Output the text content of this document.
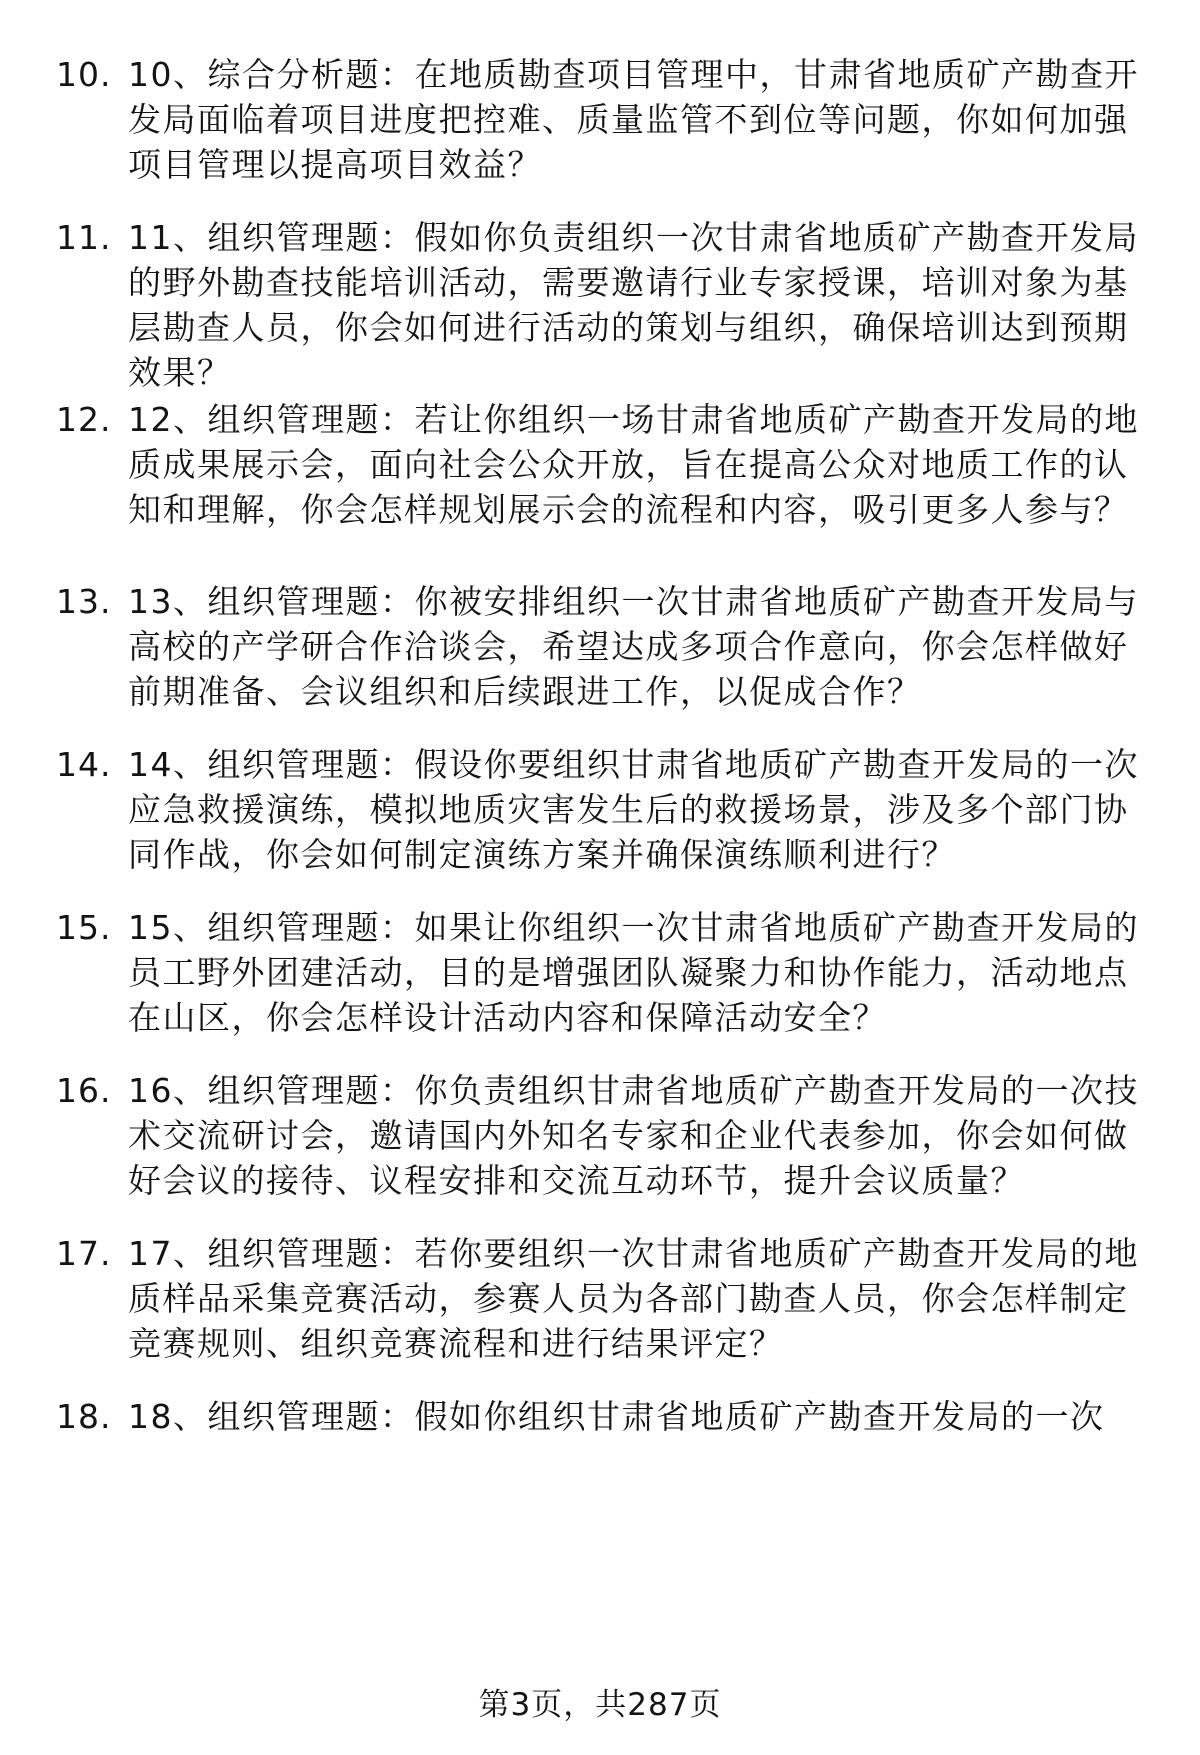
10. 10、综合分析题：在地质勘查项目管理中，甘肃省地质矿产勘查开发局面临着项目进度把控难、质量监管不到位等问题，你如何加强项目管理以提高项目效益？
11. 11、组织管理题：假如你负责组织一次甘肃省地质矿产勘查开发局的野外勘查技能培训活动，需要邀请行业专家授课，培训对象为基层勘查人员，你会如何进行活动的策划与组织，确保培训达到预期效果？
12. 12、组织管理题：若让你组织一场甘肃省地质矿产勘查开发局的地质成果展示会，面向社会公众开放，旨在提高公众对地质工作的认知和理解，你会怎样规划展示会的流程和内容，吸引更多人参与？
13. 13、组织管理题：你被安排组织一次甘肃省地质矿产勘查开发局与高校的产学研合作洽谈会，希望达成多项合作意向，你会怎样做好前期准备、会议组织和后续跟进工作，以促成合作？
14. 14、组织管理题：假设你要组织甘肃省地质矿产勘查开发局的一次应急救援演练，模拟地质灾害发生后的救援场景，涉及多个部门协同作战，你会如何制定演练方案并确保演练顺利进行？
15. 15、组织管理题：如果让你组织一次甘肃省地质矿产勘查开发局的员工野外团建活动，目的是增强团队凝聚力和协作能力，活动地点在山区，你会怎样设计活动内容和保障活动安全？
16. 16、组织管理题：你负责组织甘肃省地质矿产勘查开发局的一次技术交流研讨会，邀请国内外知名专家和企业代表参加，你会如何做好会议的接待、议程安排和交流互动环节，提升会议质量？
17. 17、组织管理题：若你要组织一次甘肃省地质矿产勘查开发局的地质样品采集竞赛活动，参赛人员为各部门勘查人员，你会怎样制定竞赛规则、组织竞赛流程和进行结果评定？
18. 18、组织管理题：假如你组织甘肃省地质矿产勘查开发局的一次
第3页，共287页
